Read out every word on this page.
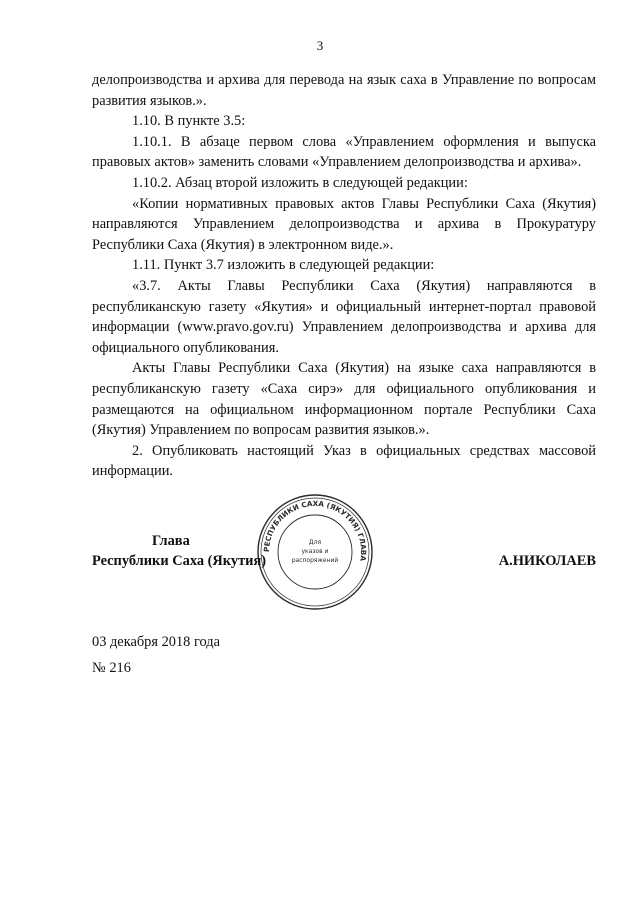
3

делопроизводства и архива для перевода на язык саха в Управление по вопросам развития языков.».

1.10. В пункте 3.5:

1.10.1. В абзаце первом слова «Управлением оформления и выпуска правовых актов» заменить словами «Управлением делопроизводства и архива».

1.10.2. Абзац второй изложить в следующей редакции:

«Копии нормативных правовых актов Главы Республики Саха (Якутия) направляются Управлением делопроизводства и архива в Прокуратуру Республики Саха (Якутия) в электронном виде.».

1.11. Пункт 3.7 изложить в следующей редакции:

«3.7. Акты Главы Республики Саха (Якутия) направляются в республиканскую газету «Якутия» и официальный интернет-портал правовой информации (www.pravo.gov.ru) Управлением делопроизводства и архива для официального опубликования.

Акты Главы Республики Саха (Якутия) на языке саха направляются в республиканскую газету «Саха сирэ» для официального опубликования и размещаются на официальном информационном портале Республики Саха (Якутия) Управлением по вопросам развития языков.».

2. Опубликовать настоящий Указ в официальных средствах массовой информации.

РЕСПУБЛИКИ САХА (ЯКУТИЯ) ГЛАВА
Для
указов и
распоряжений
Глава
Республики Саха (Якутия)	А.НИКОЛАЕВ
03 декабря 2018 года
№ 216
